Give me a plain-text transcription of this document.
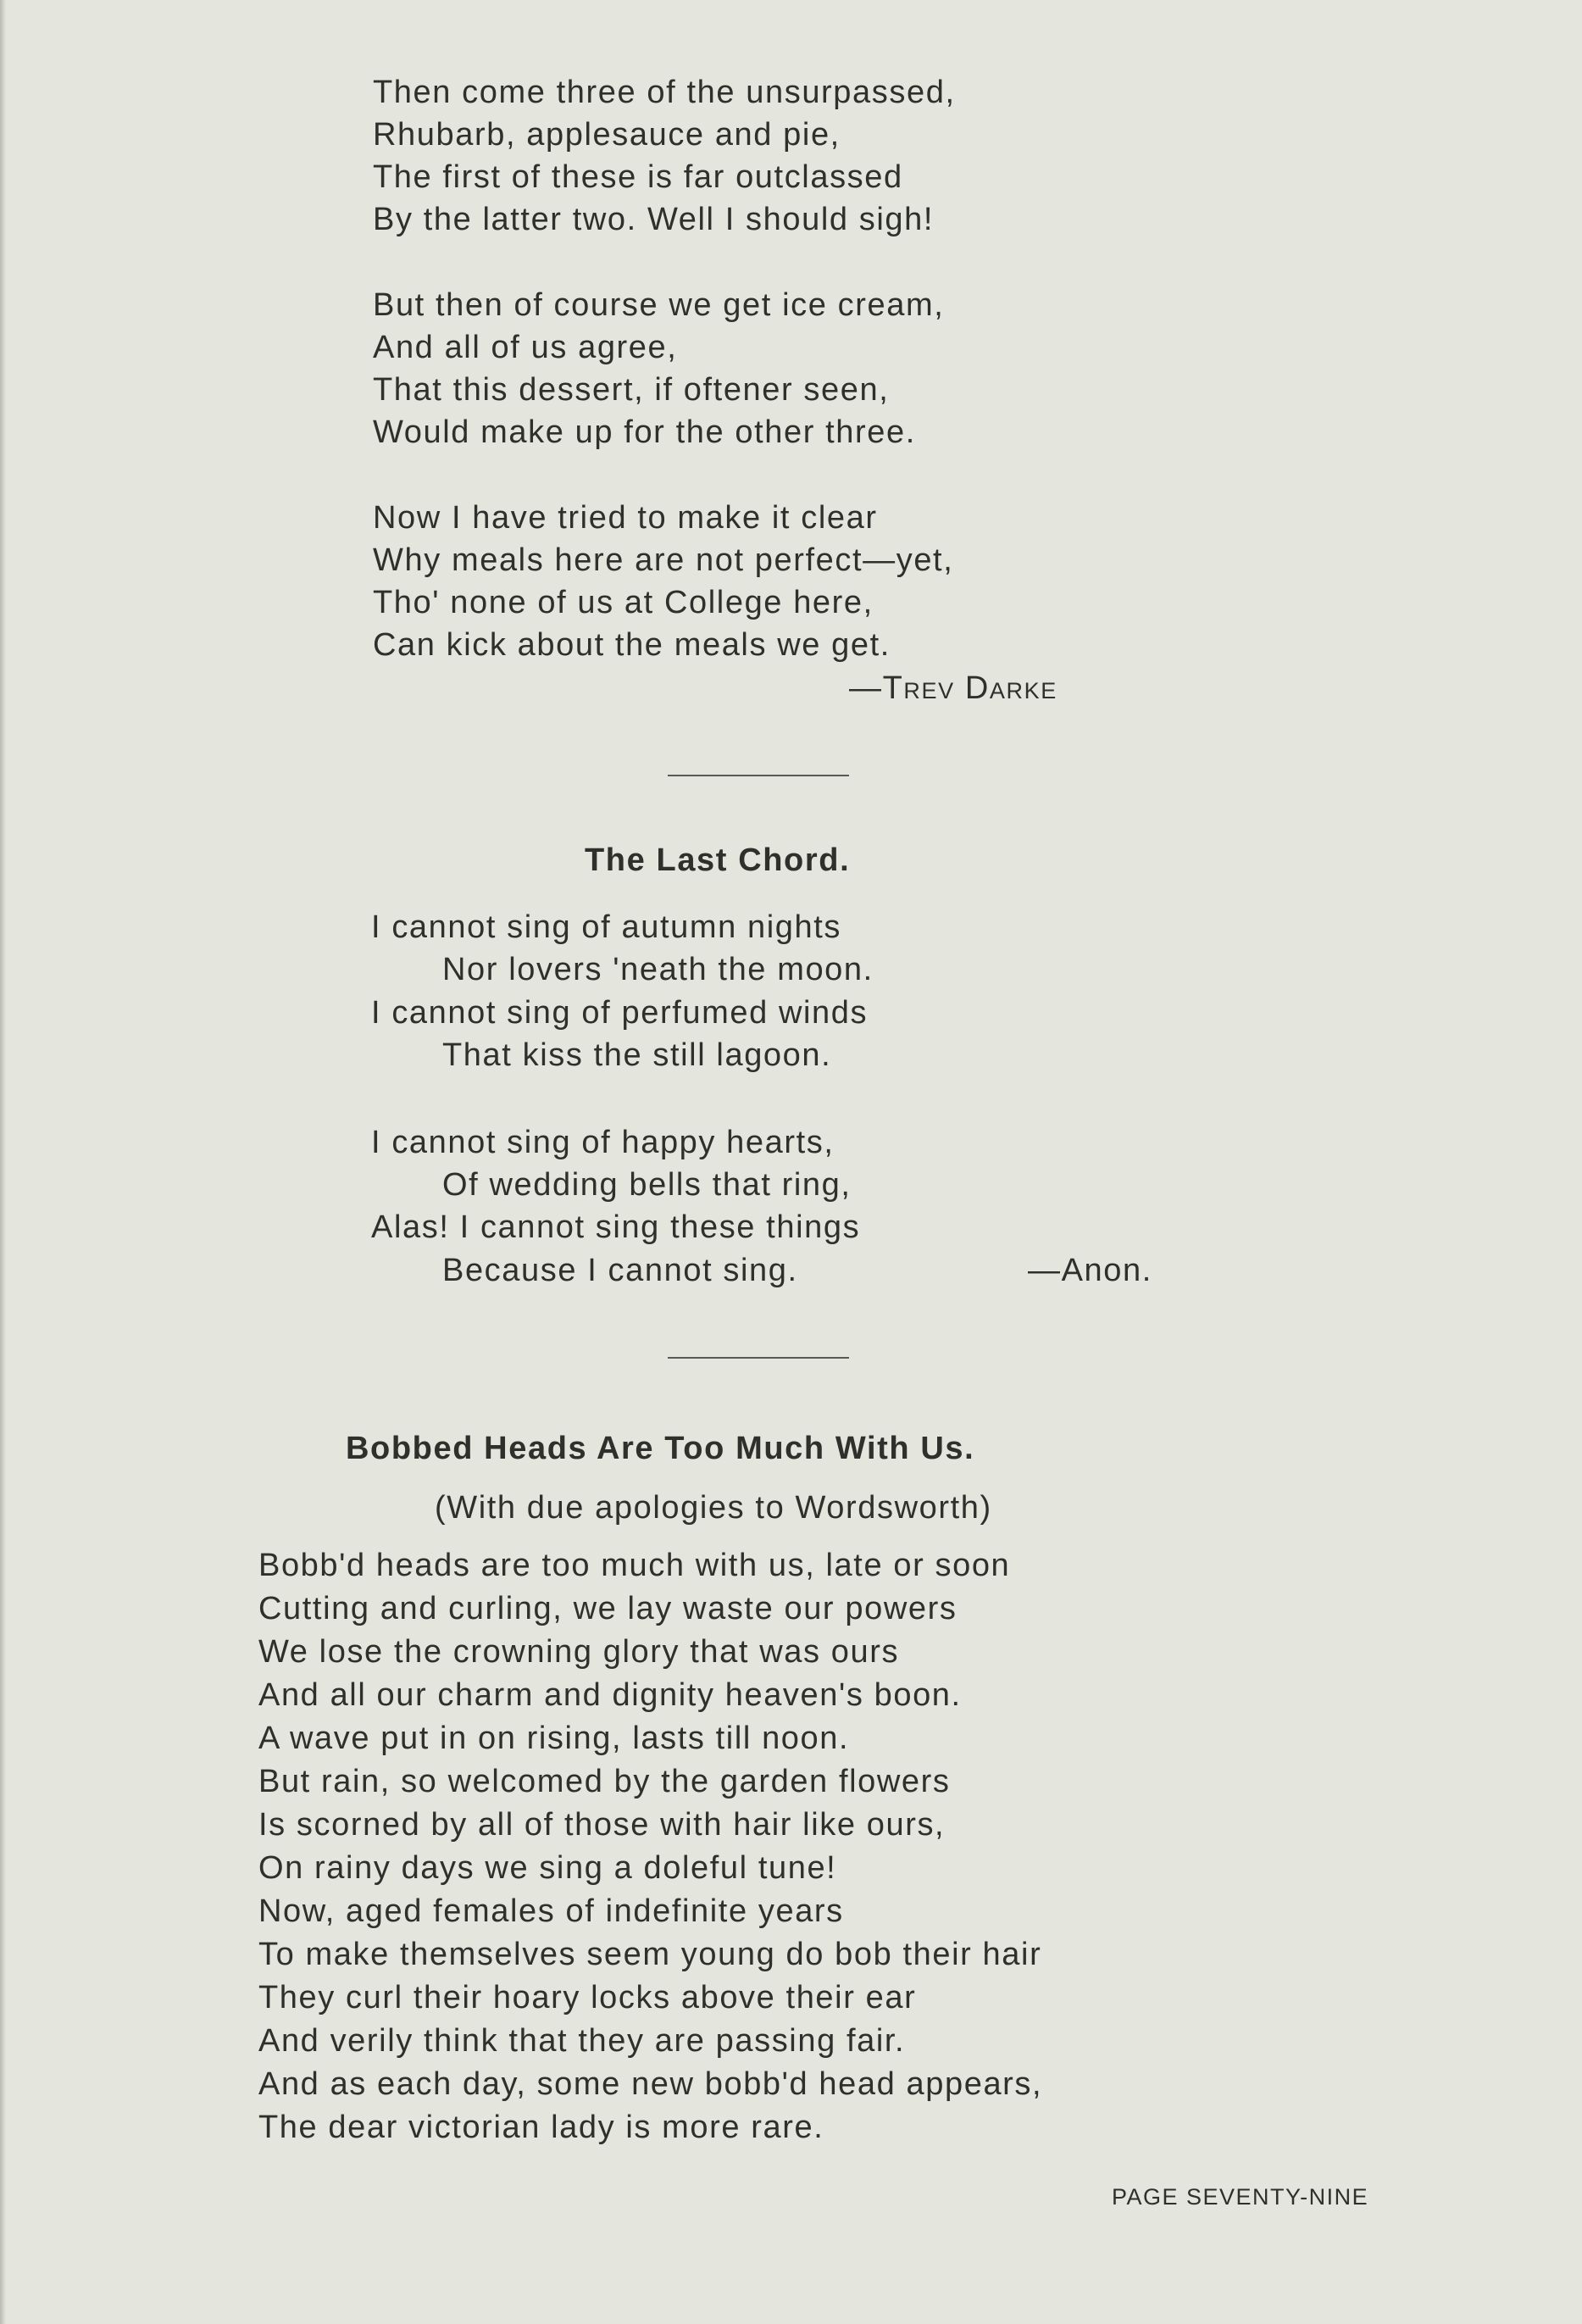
Then come three of the unsurpassed,
Rhubarb, applesauce and pie,
The first of these is far outclassed
By the latter two. Well I should sigh!
But then of course we get ice cream,
And all of us agree,
That this dessert, if oftener seen,
Would make up for the other three.
Now I have tried to make it clear
Why meals here are not perfect—yet,
Tho' none of us at College here,
Can kick about the meals we get.
—Trev Darke
The Last Chord.
I cannot sing of autumn nights
Nor lovers 'neath the moon.
I cannot sing of perfumed winds
That kiss the still lagoon.
I cannot sing of happy hearts,
Of wedding bells that ring,
Alas! I cannot sing these things
Because I cannot sing.	—Anon.
Bobbed Heads Are Too Much With Us.
(With due apologies to Wordsworth)
Bobb'd heads are too much with us, late or soon
Cutting and curling, we lay waste our powers
We lose the crowning glory that was ours
And all our charm and dignity heaven's boon.
A wave put in on rising, lasts till noon.
But rain, so welcomed by the garden flowers
Is scorned by all of those with hair like ours,
On rainy days we sing a doleful tune!
Now, aged females of indefinite years
To make themselves seem young do bob their hair
They curl their hoary locks above their ear
And verily think that they are passing fair.
And as each day, some new bobb'd head appears,
The dear victorian lady is more rare.
PAGE SEVENTY-NINE
